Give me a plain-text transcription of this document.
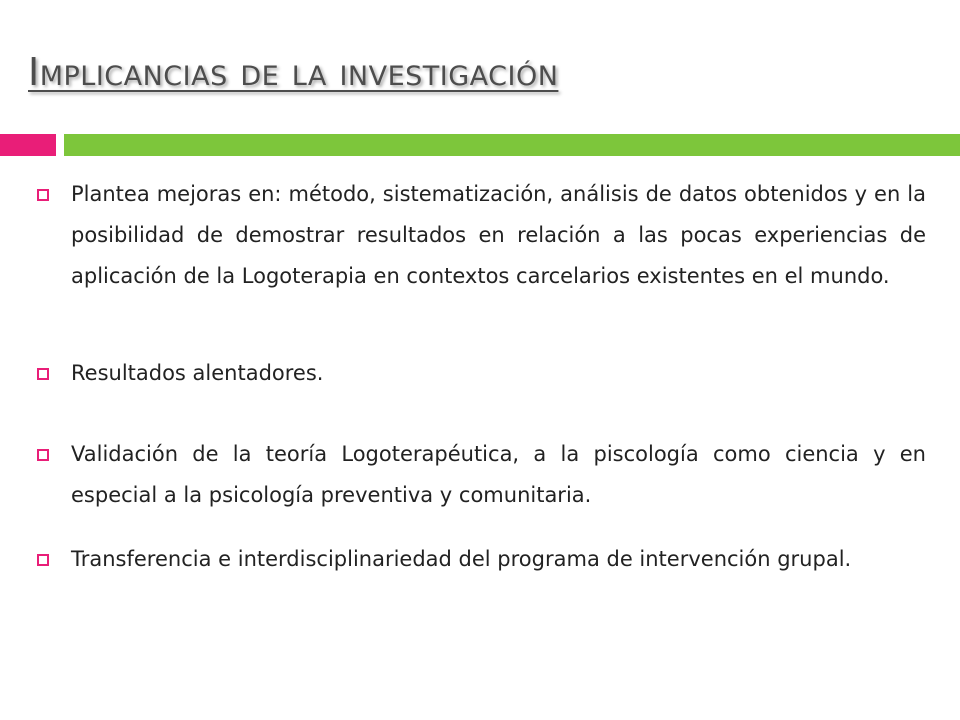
Implicancias de la investigación
Plantea mejoras en: método, sistematización, análisis de datos obtenidos y en la posibilidad de demostrar resultados en relación a las pocas experiencias de aplicación de la Logoterapia en contextos carcelarios existentes en el mundo.
Resultados alentadores.
Validación de la teoría Logoterapéutica, a la piscología como ciencia y en especial a la psicología preventiva y comunitaria.
Transferencia e interdisciplinariedad del programa de intervención grupal.
